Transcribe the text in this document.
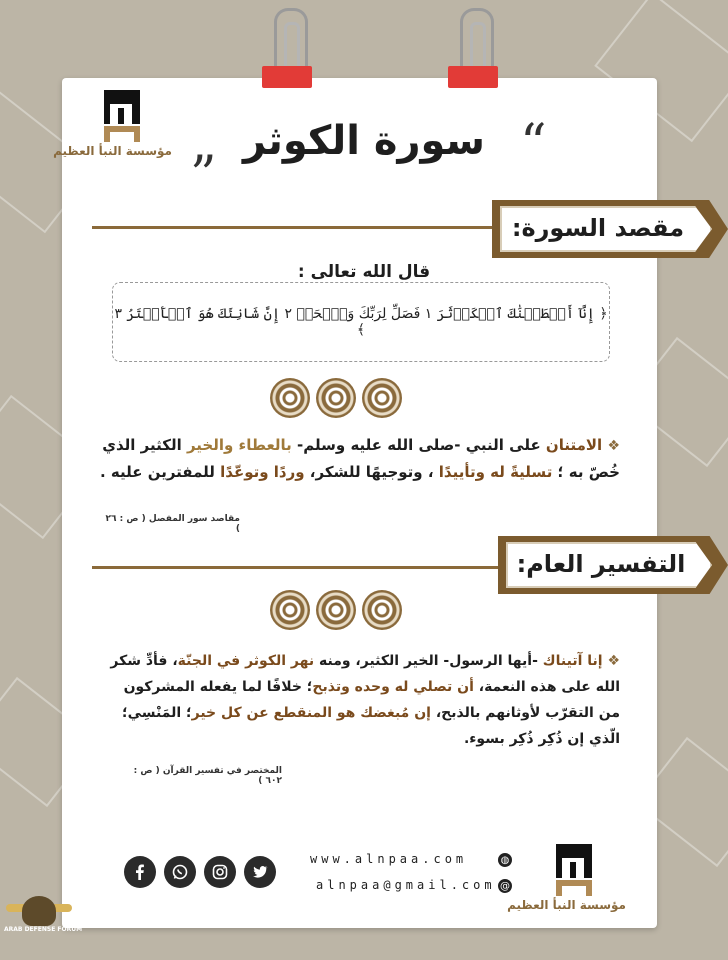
مؤسسة النبأ العظيم	“
سورة الكوثر
”
مقصد السورة:
قال الله تعالى :
﴿ إِنَّآ أَعۡطَيۡنَٰكَ ٱلۡكَوۡثَرَ ١ فَصَلِّ لِرَبِّكَ وَٱنۡحَرۡ ٢ إِنَّ شَانِئَكَ هُوَ ٱلۡأَبۡتَرُ ٣ ﴾
❖ الامتنان على النبي -صلى الله عليه وسلم- بالعطاء والخير الكثير الذي خُصّ به ؛ تسليةً له وتأييدًا ، وتوجيهًا للشكر، وردًا وتوعّدًا للمفترين عليه .
مقاصد سور المفصل ( ص : ٢٦ )
التفسير العام:
❖ إنا آتيناك -أيها الرسول- الخير الكثير، ومنه نهر الكوثر في الجنّة، فأدِّ شكر الله على هذه النعمة، أن تصلي له وحده وتذبح؛ خلافًا لما يفعله المشركون من التقرّب لأوثانهم بالذبح، إن مُبغضك هو المنقطع عن كل خير؛ المَنْسِي؛ الّذي إن ذُكِر ذُكِر بسوء.
المختصر في تفسير القرآن ( ص : ٦٠٢ )
www.alnpaa.com	◍
alnpaa@gmail.com @
مؤسسة النبأ العظيم
ARAB DEFENSE FORUM
